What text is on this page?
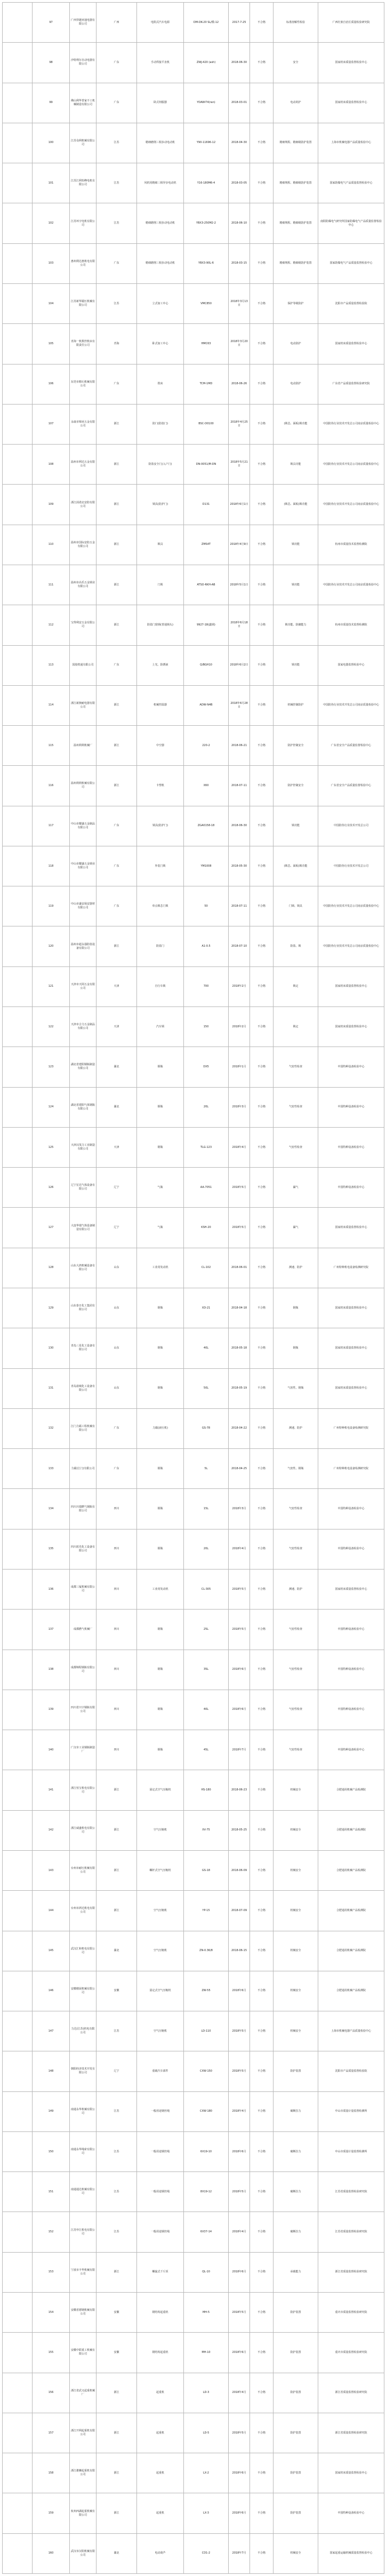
	97	广西穿越亚通电器有限公司	广西	电阻式汽车电源	DM-DK-20 SL/模-12	2017-7-25	不合格	标准溶解性检验	广西壮族自治区质量检验研究院
	98	沙特利尔自动电器有限公司	广东	手动焊接平直机	ZWJ-420 (ash)	2018-06-30	不合格	安全	国家机床质量监督检验中心
	99	佛山利华普家不工机械制造有限公司	广东	卧式伺服器	YDAW-T4(ran)	2018-03-01	不合格	电动的护	国家机床质量监督检验中心
	100	江苏众利机械有限公司	江苏	精细磨削三相步动电动机	Y90-11696-12	2018-04-30	不合格	精细规程、精细级防护装置	上海市机械电器产品质量检验中心
	101	江苏江利恒峰电机有限公司	江苏	风机用精细三相异步电动机	Y16-180M6-4	2018-03-05	不合格	精细规程、精细级防护装置	国家防爆电气产品质量监督检验中心
	102	江苏环宇电机有限公司	江苏	精细磨削三相步动电动机	YBX3-250M2-2	2018-06-10	不合格	精细规程、精细级防护装置	南阳防爆电气研究所国家防爆电气产品质量监督检验中心
	103	惠州利达惠机电有限公司	广东	精细磨削三相步动电动机	YBX3-90L-6	2018-03-15	不合格	精细规程、精细级防护装置	国家防爆电气产品质量监督检验中心
	104	江苏新华锻压机械有限公司	江苏	立式加工中心	VMC850	2018年3月13日	不合格	保护等级防护	沈阳市产品质量监督检验院
	105	青海一机数控机床有限责任公司	青海	卧式加工中心	HMC63	2018年3月20日	不合格	电动防护	国家机床质量监督检验中心
	106	东莞市精石机械有限公司	广东	铣床	TCM-1MD	2018-06-26	不合格	电动防护	广东省产品质量监督检验研究院
	107	永康市锦亚五金有限公司	浙江	防门(防盗门)	BSC-D0100	2018年4月25日	不合格	(锁芯、面板)锁功能	中国防伪行业技术开发总公司南京质量检验中心
	108	温州市利达五金有限公司	浙江	防盗安全门(入户门)	DN-0051/M-DN	2018年5月21日	不合格	锁具功能	中国防伪行业技术开发总公司南京质量检验中心
	109	浙江茵诺北安防有限公司	浙江	锁具(防护门)	D131	2018年6月1日	不合格	(锁芯、面板)锁功能	中国防伪行业技术开发总公司南京质量检验中心
	110	温州市国际安防五金有限公司	浙江	锁具	ZMS4T	2018年4月9日	不合格	锁功能	杭州市质量技术监督检测院
	111	温州市高乐五金锁业有限公司	浙江	门锁	ATSO-RKH-AB	2018年5月1日	不合格	锁功能	中国防伪行业技术开发总公司南京质量检验中心
	112	宝得利安五金有限公司	浙江	防盗门窗锁(普通锁头)	9927-18(鑫锁)	2018年6月18日	不合格	锁功能、防撬能力	杭州市质量技术监督检测院
	113	国胶铁通有限公司	广东	上光、防锈液	Q/BGH10	2018年6月2日	不合格	锁功能	国家电器监督检验中心
	114	浙江新澳耐电器有限公司	浙江	机械控温器	ADW-N4B	2018年6月28日	不合格	机械控制防护	中国防伪行业技术开发总公司南京质量检验中心
	115	温州利利机械厂	浙江	中空器	220-2	2018-06-21	不合格	防护控制安全	广东省安全产品质量监督检验中心
	116	温州利利机械有限公司	浙江	卡塑机	X60	2018-07-11	不合格	防护控制安全	广东省安全产品质量监督检验中心
	117	中山市耀盛五金制品有限公司	广东	锁具(防护门)	ZGA0158-18	2018-06-30	不合格	锁功能	中国防伪行业技术开发总公司
	118	中山市耀盛五金锁业有限公司	广东	外装门锁	YM1008	2018-05-30	不合格	(锁芯、面板)锁功能	中国防伪行业技术开发总公司
	119	中山市盛安保安器材有限公司	广东	单点锁芯门锁	50	2018-07-11	不合格	门锁、锁具	中国防伪行业技术开发总公司南京质量检验中心
	120	温州市超永强防盗设备有限公司	浙江	防盗门	A1-0.5	2018-07-10	不合格	防盗、锁	中国防伪行业技术开发总公司南京质量检验中心
	121	天津市天阿五金有限公司	天津	自行车锁	700	2018年2月	不合格	锁定	国家机床质量监督检验中心
	122	天津市合力五金制品有限公司	天津	汽车锁	150	2018年2月	不合格	锁定	国家机床质量监督检验中心
	123	湖北省建阳钢瓶制造有限公司	湖北	钢瓶	DX5	2018年1月	不合格	气密性检查	中国特种设备检验中心
	124	湖北省建阳气体钢瓶有限公司	湖北	钢瓶	20L	2018年3月	不合格	气密性检查	中国特种设备检验中心
	125	天津汉茂力工业制造有限公司	天津	钢瓶	TLG-123	2018年4月	不合格	气密性检查	中国特种设备检验中心
	126	辽宁宏达气体设备有限公司	辽宁	气瓶	AA-7051	2018年5月	不合格	漏气	中国特种设备检验中心
	127	大连华瑞气体设备制造有限公司	辽宁	气瓶	KSH-20	2018年5月	不合格	漏气	国家机床质量监督检验中心
	128	山东大鸿机械设备有限公司	山东	工业用发动机	CL-102	2018-06-01	不合格	测速、防护	广州特种机电设备检测研究院
	129	山东泰日化工集团有限公司	山东	钢瓶	XD-21	2018-04-18	不合格	钢瓶	国家机床质量监督检验中心
	130	青岛三星化工设备有限公司	山东	钢瓶	40L	2018-05-18	不合格	钢瓶	国家机床质量监督检验中心
	131	青岛盐城化工设备有限公司	山东	钢瓶	50L	2018-05-19	不合格	气密性、钢瓶	国家机床质量监督检验中心
	132	江门力霸工程机械有限公司	广东	力霸(液压机)	GS-78	2018-04-22	不合格	测速、防护	广州特种机电设备检测研究院
	133	力霸(江门)有限公司	广东	钢瓶	5L	2018-04-25	不合格	气密性、钢瓶	广州特种机电设备检测研究院
	134	四川川瑞燃气钢瓶有限公司	四川	钢瓶	15L	2018年3月	不合格	气密性检查	中国特种设备检验中心
	135	四川蓝光化工设备有限公司	四川	钢瓶	20L	2018年4月	不合格	气密性检查	中国特种设备检验中心
	136	成都三厦机械有限公司	四川	工业用发动机	CL-305	2018年5月	不合格	测速、防护	国家机床质量监督检验中心
	137	成都燃气机械厂	四川	钢瓶	25L	2018年5月	不合格	气密性检查	中国特种设备检验中心
	138	成都锦程钢瓶有限公司	四川	钢瓶	35L	2018年6月	不合格	气密性检查	中国特种设备检验中心
	139	四川省川宇钢瓶有限公司	四川	钢瓶	40L	2018年6月	不合格	气密性检查	中国特种设备检验中心
	140	广汉市工业钢瓶制造厂	四川	钢瓶	45L	2018年7月	不合格	气密性检查	中国特种设备检验中心
	141	浙江恒宝机电有限公司	浙江	固定式空气压缩机	HS-180	2018-06-23	不合格	机械安全	合肥通用机械产品检测院
	142	浙江威盛机电有限公司	浙江	空气压缩机	XV-75	2018-05-25	不合格	机械安全	合肥通用机械产品检测院
	143	台州市耐压机械有限公司	浙江	螺杆式空气压缩机	GS-18	2018-06-09	不合格	机械安全	合肥通用机械产品检测院
	144	台州市鸿达机电有限公司	浙江	空气压缩机	YP-15	2018-07-09	不合格	机械安全	合肥通用机械产品检测院
	145	武汉汇和机电有限公司	湖北	空气压缩机	ZN-0.36/8	2018-06-15	不合格	机械安全	合肥通用机械产品检测院
	146	安徽精展机械有限公司	安徽	固定式空气压缩机	ZW-55	2018年6月	不合格	机械安全	合肥通用机械产品检测院
	147	力达(江苏)机电有限公司	江苏	空气压缩机	LD-110	2018年5月	不合格	机械安全	上海市机械电器产品质量检验中心
	148	朝阳经济技术开发有限公司	辽宁	重载汽车部件	CXW-150	2018年5月	不合格	防护装置	沈阳市产品质量监督检验院
	149	南通永华机械有限公司	江苏	一般用途钢丝绳	CXW-180	2018年4月	不合格	破断拉力	中山市质量计量监督检测所
	150	南通永华绳索有限公司	江苏	一般用途钢丝绳	6X19-10	2018年6月	不合格	破断拉力	中山市质量计量监督检测所
	151	南通通达机械有限公司	江苏	一般用途钢丝绳	8X19-12	2018年5月	不合格	破断拉力	江苏省质量监督检验研究院
	152	江苏申江机电有限公司	江苏	一般用途钢丝绳	6X37-14	2018年4月	不合格	破断拉力	江苏省质量监督检验研究院
	153	宁波市丰华机械有限公司	浙江	螺旋式千斤顶	QL-10	2018年6月	不合格	承载能力	浙江省质量监督检验研究院
	154	安徽省德钢机械有限公司	安徽	钢结构起重机	MH-5	2018年5月	不合格	防护装置	重庆市质量监督检验研究院
	155	安徽中联重工机械有限公司	安徽	钢结构起重机	MH-10	2018年6月	不合格	防护装置	重庆市质量监督检验研究院
	156	浙江省武义起重机械厂	浙江	起重机	LD-3	2018年4月	不合格	防护装置	浙江省质量监督检验研究院
	157	浙江开利起重机有限公司	浙江	起重机	LD-5	2018年5月	不合格	防护装置	浙江省质量监督检验研究院
	158	浙江雄狮起重机有限公司	浙江	起重机	LX-2	2018年6月	不合格	防护装置	国家机床质量监督检验中心
	159	杭州西湖起重机械有限公司	浙江	起重机	LX-3	2018年6月	不合格	防护装置	中国特种设备检验中心
	160	武汉市汉阳机械有限公司	湖北	电动葫芦	CD1-2	2018年7月	不合格	机械安全	国家起重运输机械质量监督检验中心
